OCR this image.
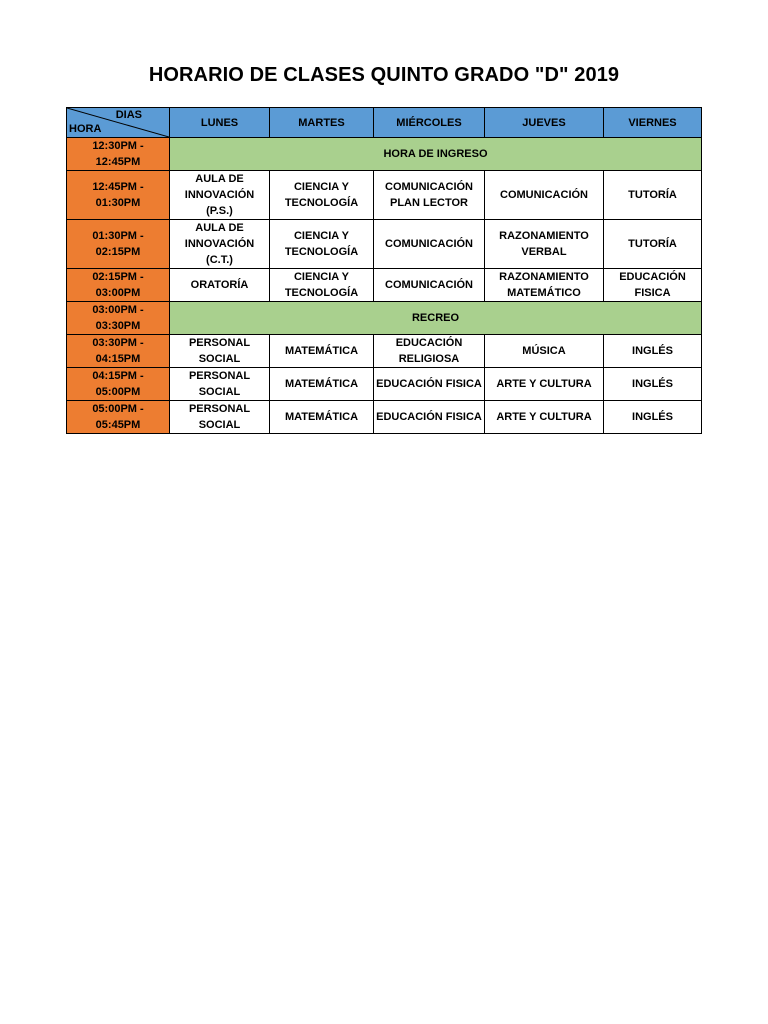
HORARIO DE CLASES QUINTO GRADO "D" 2019
DIAS
HORA	LUNES	MARTES	MIÉRCOLES	JUEVES	VIERNES
12:30PM - 12:45PM	HORA DE INGRESO				
12:45PM - 01:30PM	AULA DE INNOVACIÓN (P.S.)	CIENCIA Y TECNOLOGÍA	COMUNICACIÓN PLAN LECTOR	COMUNICACIÓN	TUTORÍA
01:30PM - 02:15PM	AULA DE INNOVACIÓN (C.T.)	CIENCIA Y TECNOLOGÍA	COMUNICACIÓN	RAZONAMIENTO VERBAL	TUTORÍA
02:15PM - 03:00PM	ORATORÍA	CIENCIA Y TECNOLOGÍA	COMUNICACIÓN	RAZONAMIENTO MATEMÁTICO	EDUCACIÓN FISICA
03:00PM - 03:30PM	RECREO				
03:30PM - 04:15PM	PERSONAL SOCIAL	MATEMÁTICA	EDUCACIÓN RELIGIOSA	MÚSICA	INGLÉS
04:15PM - 05:00PM	PERSONAL SOCIAL	MATEMÁTICA	EDUCACIÓN FISICA	ARTE Y CULTURA	INGLÉS
05:00PM - 05:45PM	PERSONAL SOCIAL	MATEMÁTICA	EDUCACIÓN FISICA	ARTE Y CULTURA	INGLÉS
